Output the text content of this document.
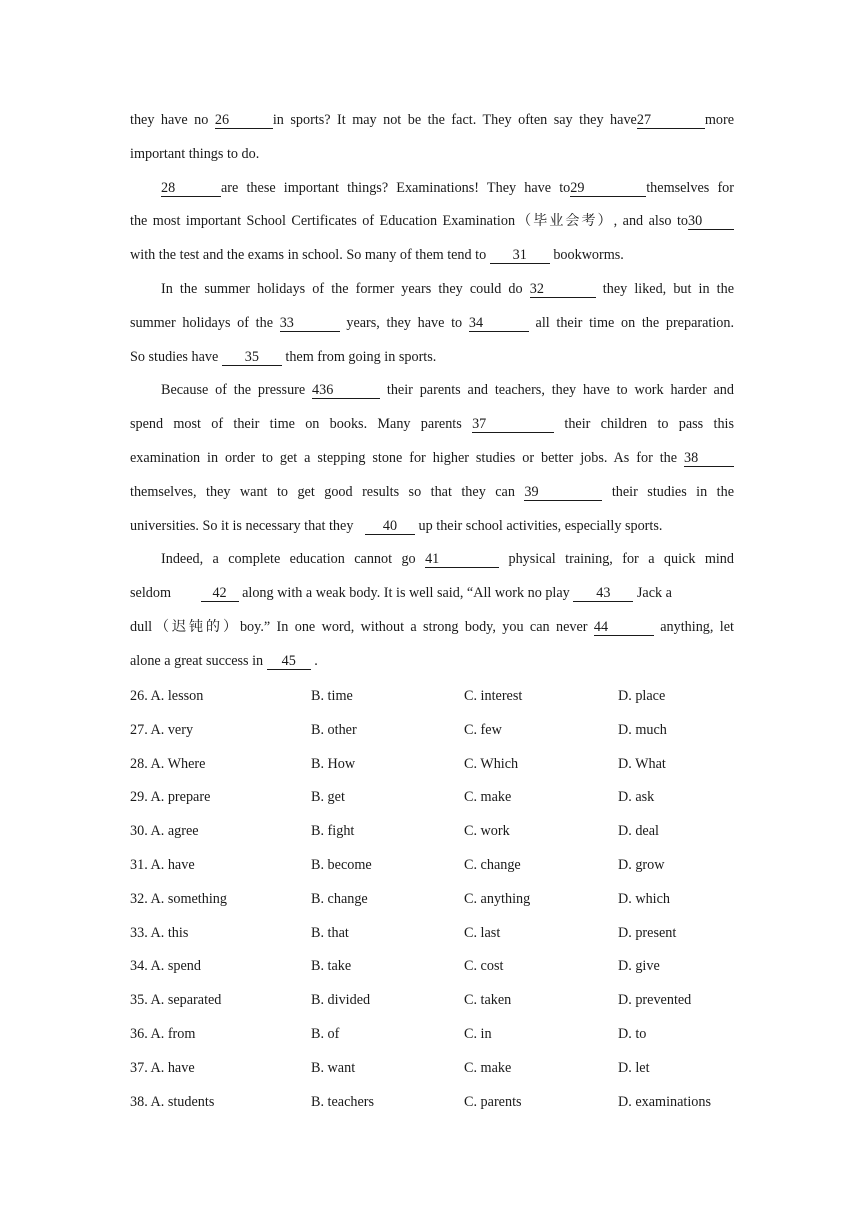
they have no 26	in sports? It may not be the fact. They often say they have27	more
important things to do.
28	are these important things? Examinations! They have to29	themselves for
the most important School Certificates of Education Examination（毕业会考）, and also to30
with the test and the exams in school. So many of them tend to 31 bookworms.
In the summer holidays of the former years they could do 32	they liked, but in the
summer holidays of the 33	years, they have to 34	all their time on the preparation.
So studies have 35 them from going in sports.
Because of the pressure 436	their parents and teachers, they have to work harder and
spend most of their time on books. Many parents 37	their children to pass this
examination in order to get a stepping stone for higher studies or better jobs. As for the 38
themselves, they want to get good results so that they can 39	their studies in the
universities. So it is necessary that they 40 up their school activities, especially sports.
Indeed, a complete education cannot go 41	physical training, for a quick mind
seldom	42 along with a weak body. It is well said, “All work no play 43 Jack a
dull（迟钝的）boy.” In one word, without a strong body, you can never 44	anything, let
alone a great success in 45 .
26. A. lesson	B. time	C. interest	D. place
27. A. very	B. other	C. few	D. much
28. A. Where	B. How	C. Which	D. What
29. A. prepare	B. get	C. make	D. ask
30. A. agree	B. fight	C. work	D. deal
31. A. have	B. become	C. change	D. grow
32. A. something	B. change	C. anything	D. which
33. A. this	B. that	C. last	D. present
34. A. spend	B. take	C. cost	D. give
35. A. separated	B. divided	C. taken	D. prevented
36. A. from	B. of	C. in	D. to
37. A. have	B. want	C. make	D. let
38. A. students	B. teachers	C. parents	D. examinations
